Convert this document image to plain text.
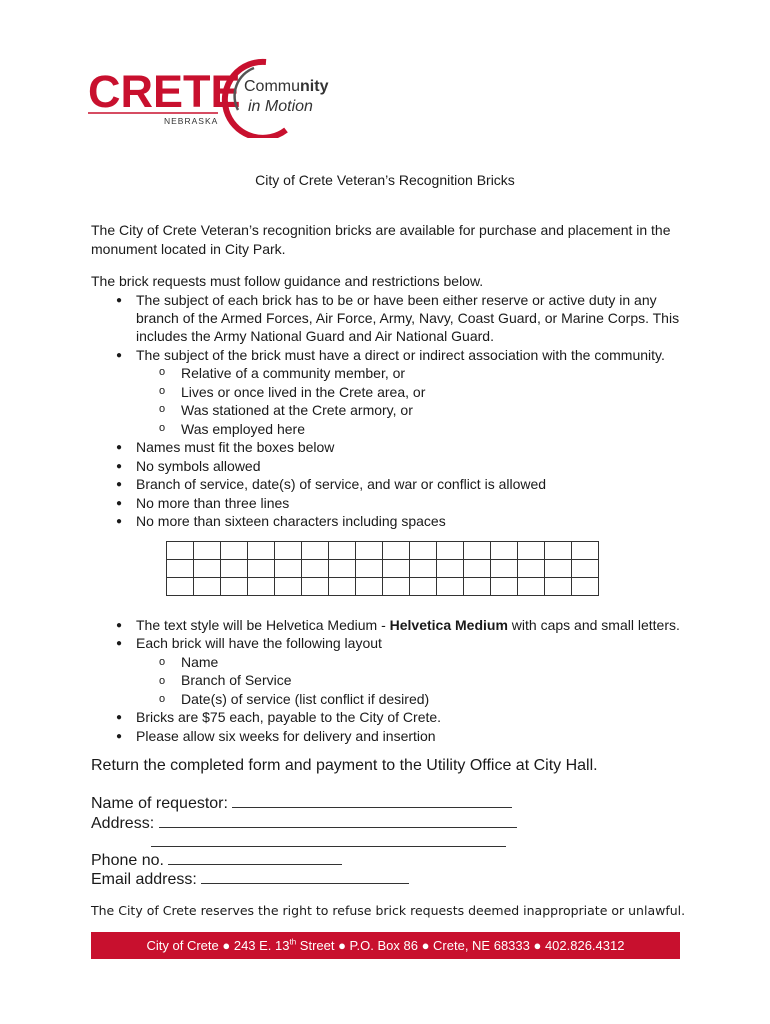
CRETE
NEBRASKA
Community
in Motion
City of Crete Veteran’s Recognition Bricks
The City of Crete Veteran’s recognition bricks are available for purchase and placement in the monument located in City Park.
The brick requests must follow guidance and restrictions below.
● The subject of each brick has to be or have been either reserve or active duty in any
branch of the Armed Forces, Air Force, Army, Navy, Coast Guard, or Marine Corps. This
includes the Army National Guard and Air National Guard.
● The subject of the brick must have a direct or indirect association with the community.
o Relative of a community member, or
o Lives or once lived in the Crete area, or
o Was stationed at the Crete armory, or
o Was employed here
● Names must fit the boxes below
● No symbols allowed
● Branch of service, date(s) of service, and war or conflict is allowed
● No more than three lines
● No more than sixteen characters including spaces

● The text style will be Helvetica Medium - Helvetica Medium with caps and small letters.
● Each brick will have the following layout
o Name
o Branch of Service
o Date(s) of service (list conflict if desired)
● Bricks are $75 each, payable to the City of Crete.
● Please allow six weeks for delivery and insertion
Return the completed form and payment to the Utility Office at City Hall.
Name of requestor:
Address:
Phone no.
Email address:
The City of Crete reserves the right to refuse brick requests deemed inappropriate or unlawful.
City of Crete ● 243 E. 13th Street ● P.O. Box 86 ● Crete, NE 68333 ● 402.826.4312
